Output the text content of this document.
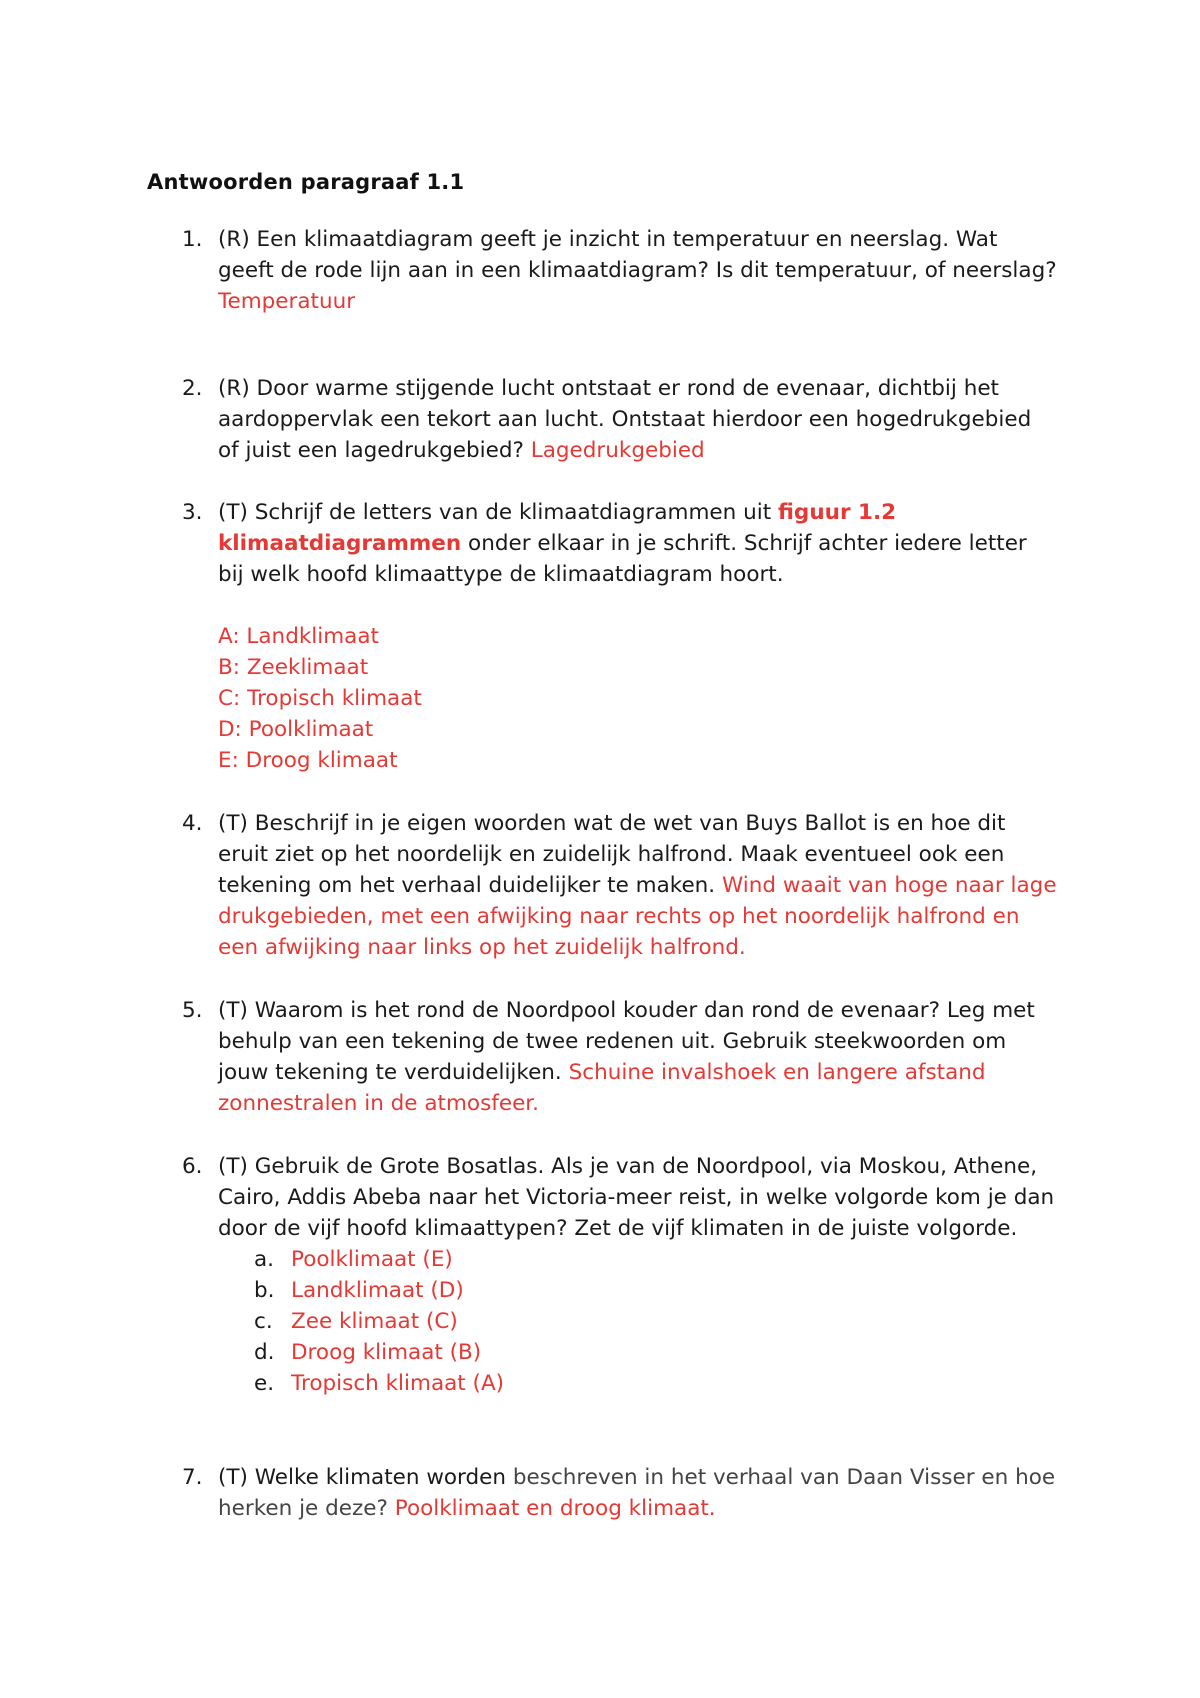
Antwoorden paragraaf 1.1
1. (R) Een klimaatdiagram geeft je inzicht in temperatuur en neerslag. Wat geeft de rode lijn aan in een klimaatdiagram? Is dit temperatuur, of neerslag? Temperatuur
2. (R) Door warme stijgende lucht ontstaat er rond de evenaar, dichtbij het aardoppervlak een tekort aan lucht. Ontstaat hierdoor een hogedrukgebied of juist een lagedrukgebied? Lagedrukgebied
3. (T) Schrijf de letters van de klimaatdiagrammen uit figuur 1.2 klimaatdiagrammen onder elkaar in je schrift. Schrijf achter iedere letter bij welk hoofd klimaattype de klimaatdiagram hoort.
A: Landklimaat
B: Zeeklimaat
C: Tropisch klimaat
D: Poolklimaat
E: Droog klimaat
4. (T) Beschrijf in je eigen woorden wat de wet van Buys Ballot is en hoe dit eruit ziet op het noordelijk en zuidelijk halfrond. Maak eventueel ook een tekening om het verhaal duidelijker te maken. Wind waait van hoge naar lage drukgebieden, met een afwijking naar rechts op het noordelijk halfrond en een afwijking naar links op het zuidelijk halfrond.
5. (T) Waarom is het rond de Noordpool kouder dan rond de evenaar? Leg met behulp van een tekening de twee redenen uit. Gebruik steekwoorden om jouw tekening te verduidelijken. Schuine invalshoek en langere afstand zonnestralen in de atmosfeer.
6. (T) Gebruik de Grote Bosatlas. Als je van de Noordpool, via Moskou, Athene, Cairo, Addis Abeba naar het Victoria-meer reist, in welke volgorde kom je dan door de vijf hoofd klimaattypen? Zet de vijf klimaten in de juiste volgorde.
a. Poolklimaat (E)
b. Landklimaat (D)
c. Zee klimaat (C)
d. Droog klimaat (B)
e. Tropisch klimaat (A)
7. (T) Welke klimaten worden beschreven in het verhaal van Daan Visser en hoe herken je deze? Poolklimaat en droog klimaat.
